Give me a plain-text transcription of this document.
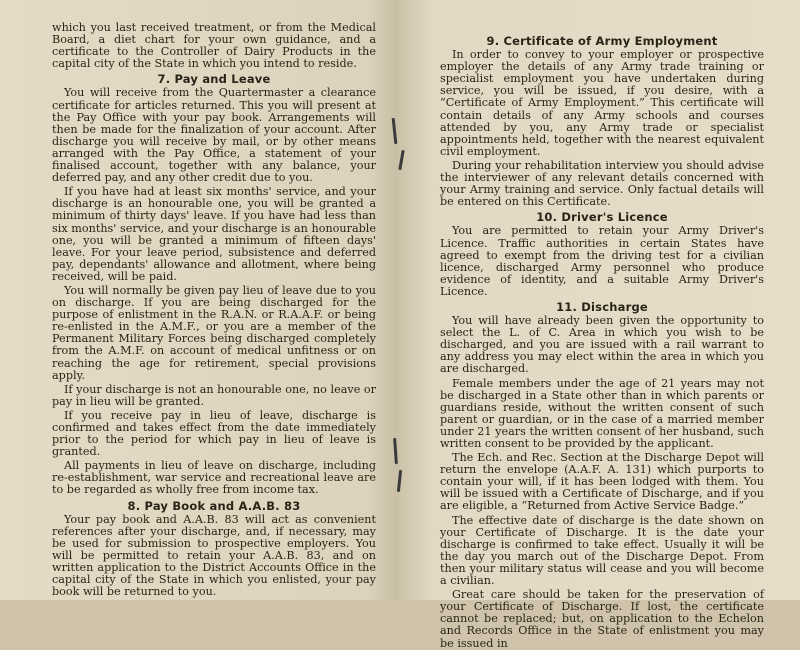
which you last received treatment, or from the Medical Board, a diet chart for your own guidance, and a certificate to the Controller of Dairy Products in the capital city of the State in which you intend to reside.

7. Pay and Leave

You will receive from the Quartermaster a clearance certificate for articles returned. This you will present at the Pay Office with your pay book. Arrangements will then be made for the finalization of your account. After discharge you will receive by mail, or by other means arranged with the Pay Office, a statement of your finalised account, together with any balance, your deferred pay, and any other credit due to you.

If you have had at least six months' service, and your discharge is an honourable one, you will be granted a minimum of thirty days' leave. If you have had less than six months' service, and your discharge is an honourable one, you will be granted a minimum of fifteen days' leave. For your leave period, subsistence and deferred pay, dependants' allowance and allotment, where being received, will be paid.

You will normally be given pay lieu of leave due to you on discharge. If you are being discharged for the purpose of enlistment in the R.A.N. or R.A.A.F. or being re-enlisted in the A.M.F., or you are a member of the Permanent Military Forces being discharged completely from the A.M.F. on account of medical unfitness or on reaching the age for retirement, special provisions apply.

If your discharge is not an honourable one, no leave or pay in lieu will be granted.

If you receive pay in lieu of leave, discharge is confirmed and takes effect from the date immediately prior to the period for which pay in lieu of leave is granted.

All payments in lieu of leave on discharge, including re-establishment, war service and recreational leave are to be regarded as wholly free from income tax.

8. Pay Book and A.A.B. 83

Your pay book and A.A.B. 83 will act as convenient references after your discharge, and, if necessary, may be used for submission to prospective employers. You will be permitted to retain your A.A.B. 83, and on written application to the District Accounts Office in the capital city of the State in which you enlisted, your pay book will be returned to you.

9. Certificate of Army Employment

In order to convey to your employer or prospective employer the details of any Army trade training or specialist employment you have undertaken during service, you will be issued, if you desire, with a “Certificate of Army Employment.” This certificate will contain details of any Army schools and courses attended by you, any Army trade or specialist appointments held, together with the nearest equivalent civil employment.

During your rehabilitation interview you should advise the interviewer of any relevant details concerned with your Army training and service. Only factual details will be entered on this Certificate.

10. Driver's Licence

You are permitted to retain your Army Driver's Licence. Traffic authorities in certain States have agreed to exempt from the driving test for a civilian licence, discharged Army personnel who produce evidence of identity, and a suitable Army Driver's Licence.

11. Discharge

You will have already been given the opportunity to select the L. of C. Area in which you wish to be discharged, and you are issued with a rail warrant to any address you may elect within the area in which you are discharged.

Female members under the age of 21 years may not be discharged in a State other than in which parents or guardians reside, without the written consent of such parent or guardian, or in the case of a married member under 21 years the written consent of her husband, such written consent to be provided by the applicant.

The Ech. and Rec. Section at the Discharge Depot will return the envelope (A.A.F. A. 131) which purports to contain your will, if it has been lodged with them. You will be issued with a Certificate of Discharge, and if you are eligible, a “Returned from Active Service Badge.”

The effective date of discharge is the date shown on your Certificate of Discharge. It is the date your discharge is confirmed to take effect. Usually it will be the day you march out of the Discharge Depot. From then your military status will cease and you will become a civilian.

Great care should be taken for the preservation of your Certificate of Discharge. If lost, the certificate cannot be replaced; but, on application to the Echelon and Records Office in the State of enlistment you may be issued in
